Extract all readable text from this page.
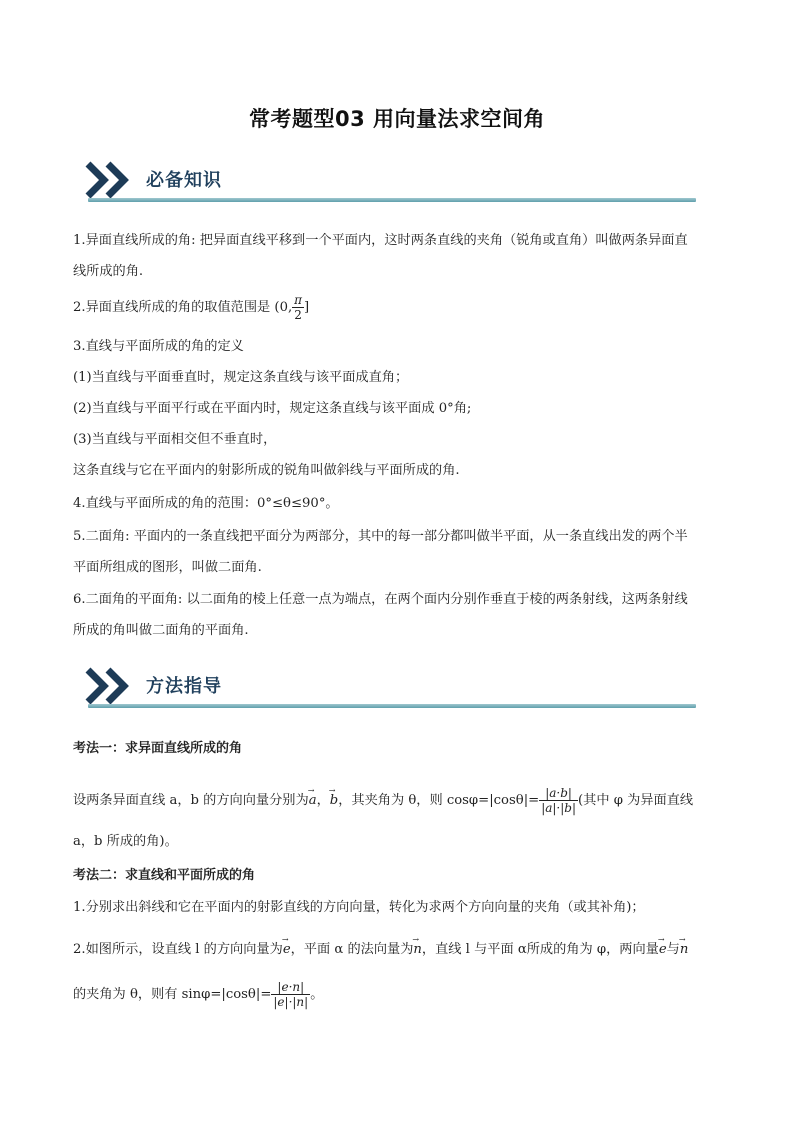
常考题型03 用向量法求空间角
必备知识
1.异面直线所成的角: 把异面直线平移到一个平面内，这时两条直线的夹角（锐角或直角）叫做两条异面直
线所成的角.
2.异面直线所成的角的取值范围是 (0, $\frac{\pi}{2}$ ]
3.直线与平面所成的角的定义
(1)当直线与平面垂直时，规定这条直线与该平面成直角；
(2)当直线与平面平行或在平面内时，规定这条直线与该平面成 0°角;
(3)当直线与平面相交但不垂直时，
这条直线与它在平面内的射影所成的锐角叫做斜线与平面所成的角.
4.直线与平面所成的角的范围：0°≤θ≤90°。
5.二面角: 平面内的一条直线把平面分为两部分，其中的每一部分都叫做半平面，从一条直线出发的两个半
平面所组成的图形，叫做二面角.
6.二面角的平面角: 以二面角的棱上任意一点为端点，在两个面内分别作垂直于棱的两条射线，这两条射线
所成的角叫做二面角的平面角.
方法指导
考法一：求异面直线所成的角
设两条异面直线 a，b 的方向向量分别为→ a，→ b，其夹角为 θ，则 $\cos\varphi=|\cos\theta|= \frac{|a\cdot b|}{|a|\cdot|b|}$ (其中 φ 为异面直线
a，b 所成的角)。
考法二：求直线和平面所成的角
1.分别求出斜线和它在平面内的射影直线的方向向量，转化为求两个方向向量的夹角（或其补角)；
2.如图所示，设直线 l 的方向向量为→ e，平面 α 的法向量为→ n，直线 l 与平面 α所成的角为 φ，两向量→ e与→ n
的夹角为 θ，则有 $\sin\varphi=|\cos\theta|= \frac{|e\cdot n|}{|e|\cdot|n|}$ 。
